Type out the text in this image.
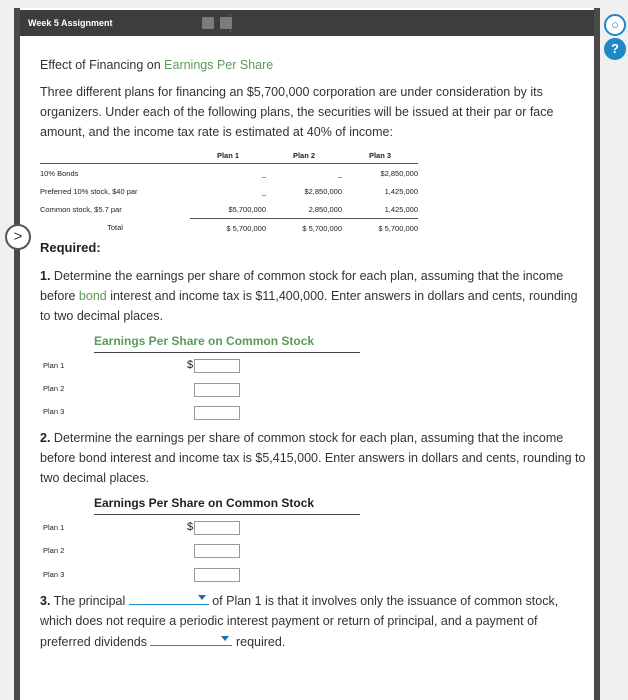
Week 5 Assignment	○
?
>
Effect of Financing on Earnings Per Share
Three different plans for financing an $5,700,000 corporation are under consideration by its organizers. Under each of the following plans, the securities will be issued at their par or face amount, and the income tax rate is estimated at 40% of income:
	Plan 1	Plan 2	Plan 3
10% Bonds	_	_	$2,850,000
Preferred 10% stock, $40 par	_	$2,850,000	1,425,000
Common stock, $5.7 par	$5,700,000	2,850,000	1,425,000
Total	$ 5,700,000	$ 5,700,000	$ 5,700,000
Required:
1. Determine the earnings per share of common stock for each plan, assuming that the income before bond interest and income tax is $11,400,000. Enter answers in dollars and cents, rounding to two decimal places.
Earnings Per Share on Common Stock
Plan 1	$
Plan 2
Plan 3
2. Determine the earnings per share of common stock for each plan, assuming that the income before bond interest and income tax is $5,415,000. Enter answers in dollars and cents, rounding to two decimal places.
Earnings Per Share on Common Stock
Plan 1	$
Plan 2
Plan 3
3. The principal	of Plan 1 is that it involves only the issuance of common stock, which does not require a periodic interest payment or return of principal, and a payment of preferred dividends	required.
